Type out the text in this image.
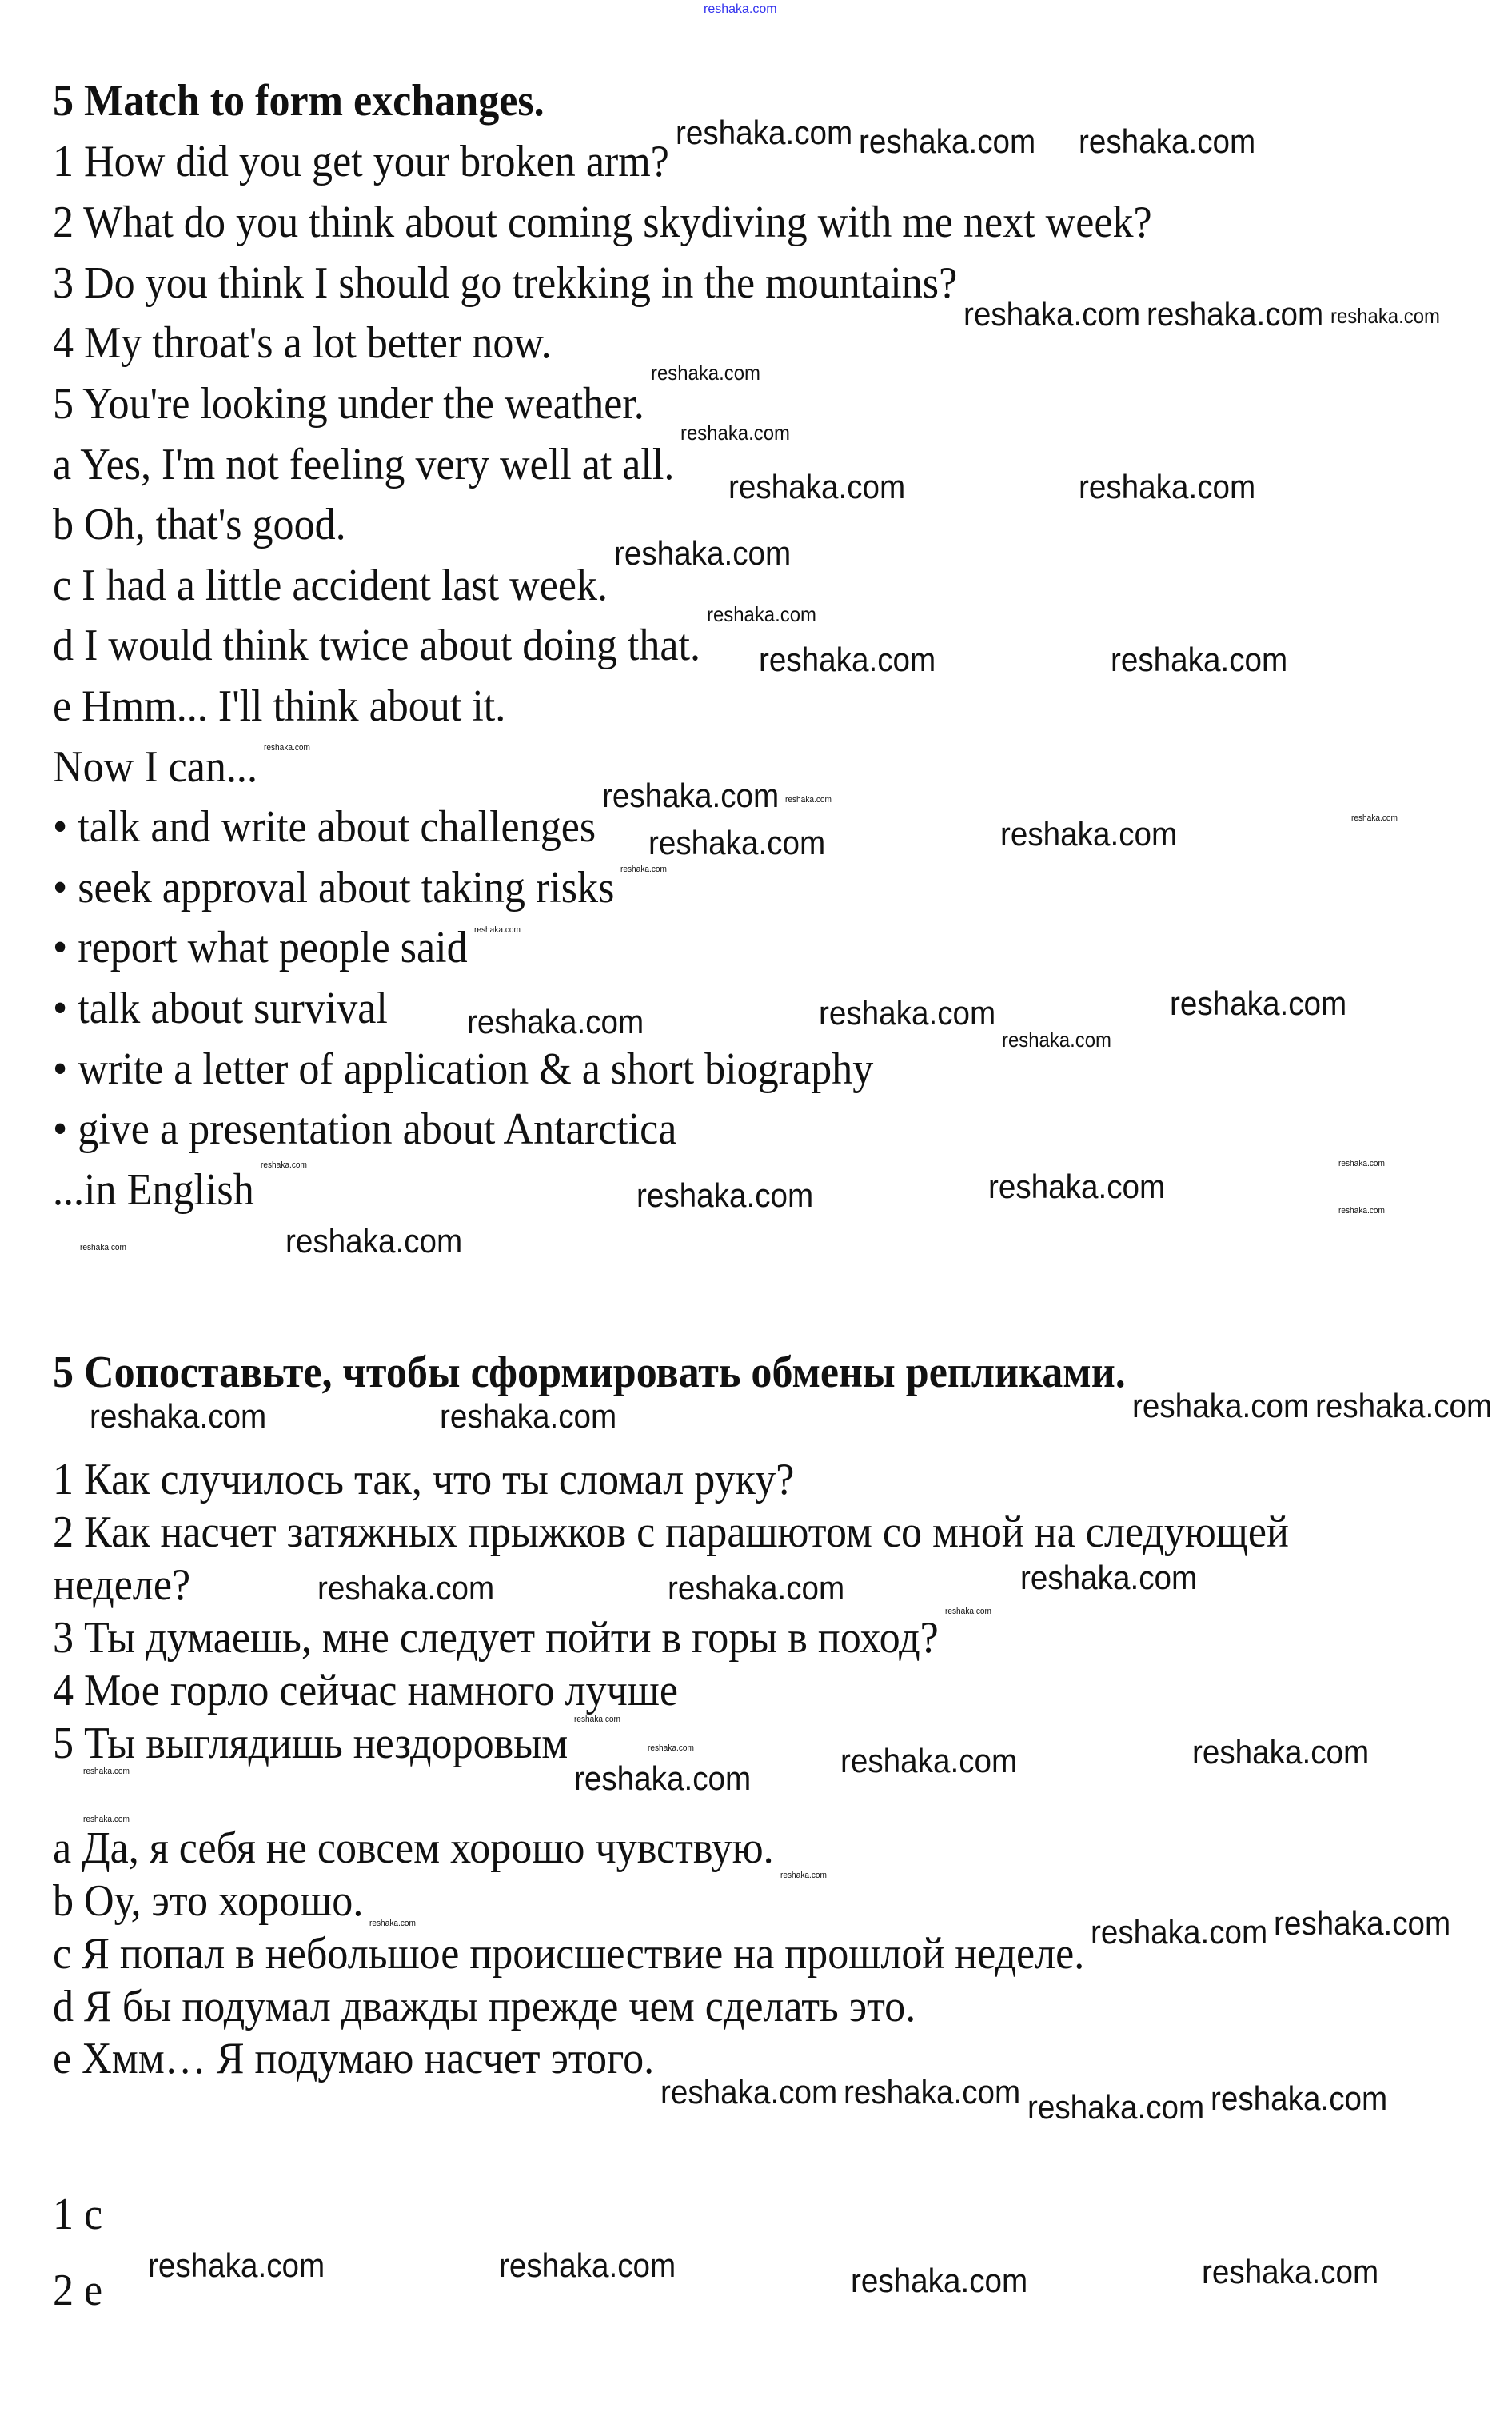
reshaka.com
5 Match to form exchanges.
1 How did you get your broken arm?
2 What do you think about coming skydiving with me next week?
3 Do you think I should go trekking in the mountains?
4 My throat's a lot better now.
5 You're looking under the weather.
a Yes, I'm not feeling very well at all.
b Oh, that's good.
c I had a little accident last week.
d I would think twice about doing that.
e Hmm... I'll think about it.
Now I can...
• talk and write about challenges
• seek approval about taking risks
• report what people said
• talk about survival
• write a letter of application & a short biography
• give a presentation about Antarctica
...in English
5 Сопоставьте, чтобы сформировать обмены репликами.
1 Как случилось так, что ты сломал руку?
2 Как насчет затяжных прыжков с парашютом со мной на следующей
неделе?
3 Ты думаешь, мне следует пойти в горы в поход?
4 Мое горло сейчас намного лучше
5 Ты выглядишь нездоровым
a Да, я себя не совсем хорошо чувствую.
b Оу, это хорошо.
c Я попал в небольшое происшествие на прошлой неделе.
d Я бы подумал дважды прежде чем сделать это.
e Хмм… Я подумаю насчет этого.
1 c
2 e
reshaka.com reshaka.com reshaka.com
reshaka.com reshaka.com
reshaka.com	reshaka.com
reshaka.com
reshaka.com	reshaka.com
reshaka.com
reshaka.com	reshaka.com
reshaka.com	reshaka.com	reshaka.com
reshaka.com	reshaka.com
reshaka.com
reshaka.com	reshaka.com	reshaka.com reshaka.com
reshaka.com	reshaka.com	reshaka.com
reshaka.com	reshaka.com
reshaka.com
reshaka.com reshaka.com
reshaka.com reshaka.com reshaka.com reshaka.com
reshaka.com	reshaka.com	reshaka.com	reshaka.com
reshaka.com
reshaka.com
reshaka.com
reshaka.com
reshaka.com
reshaka.com
reshaka.com
reshaka.com
reshaka.com
reshaka.com
reshaka.com	reshaka.com
reshaka.com
reshaka.com
reshaka.com
reshaka.com
reshaka.com
reshaka.com
reshaka.com
reshaka.com
reshaka.com
